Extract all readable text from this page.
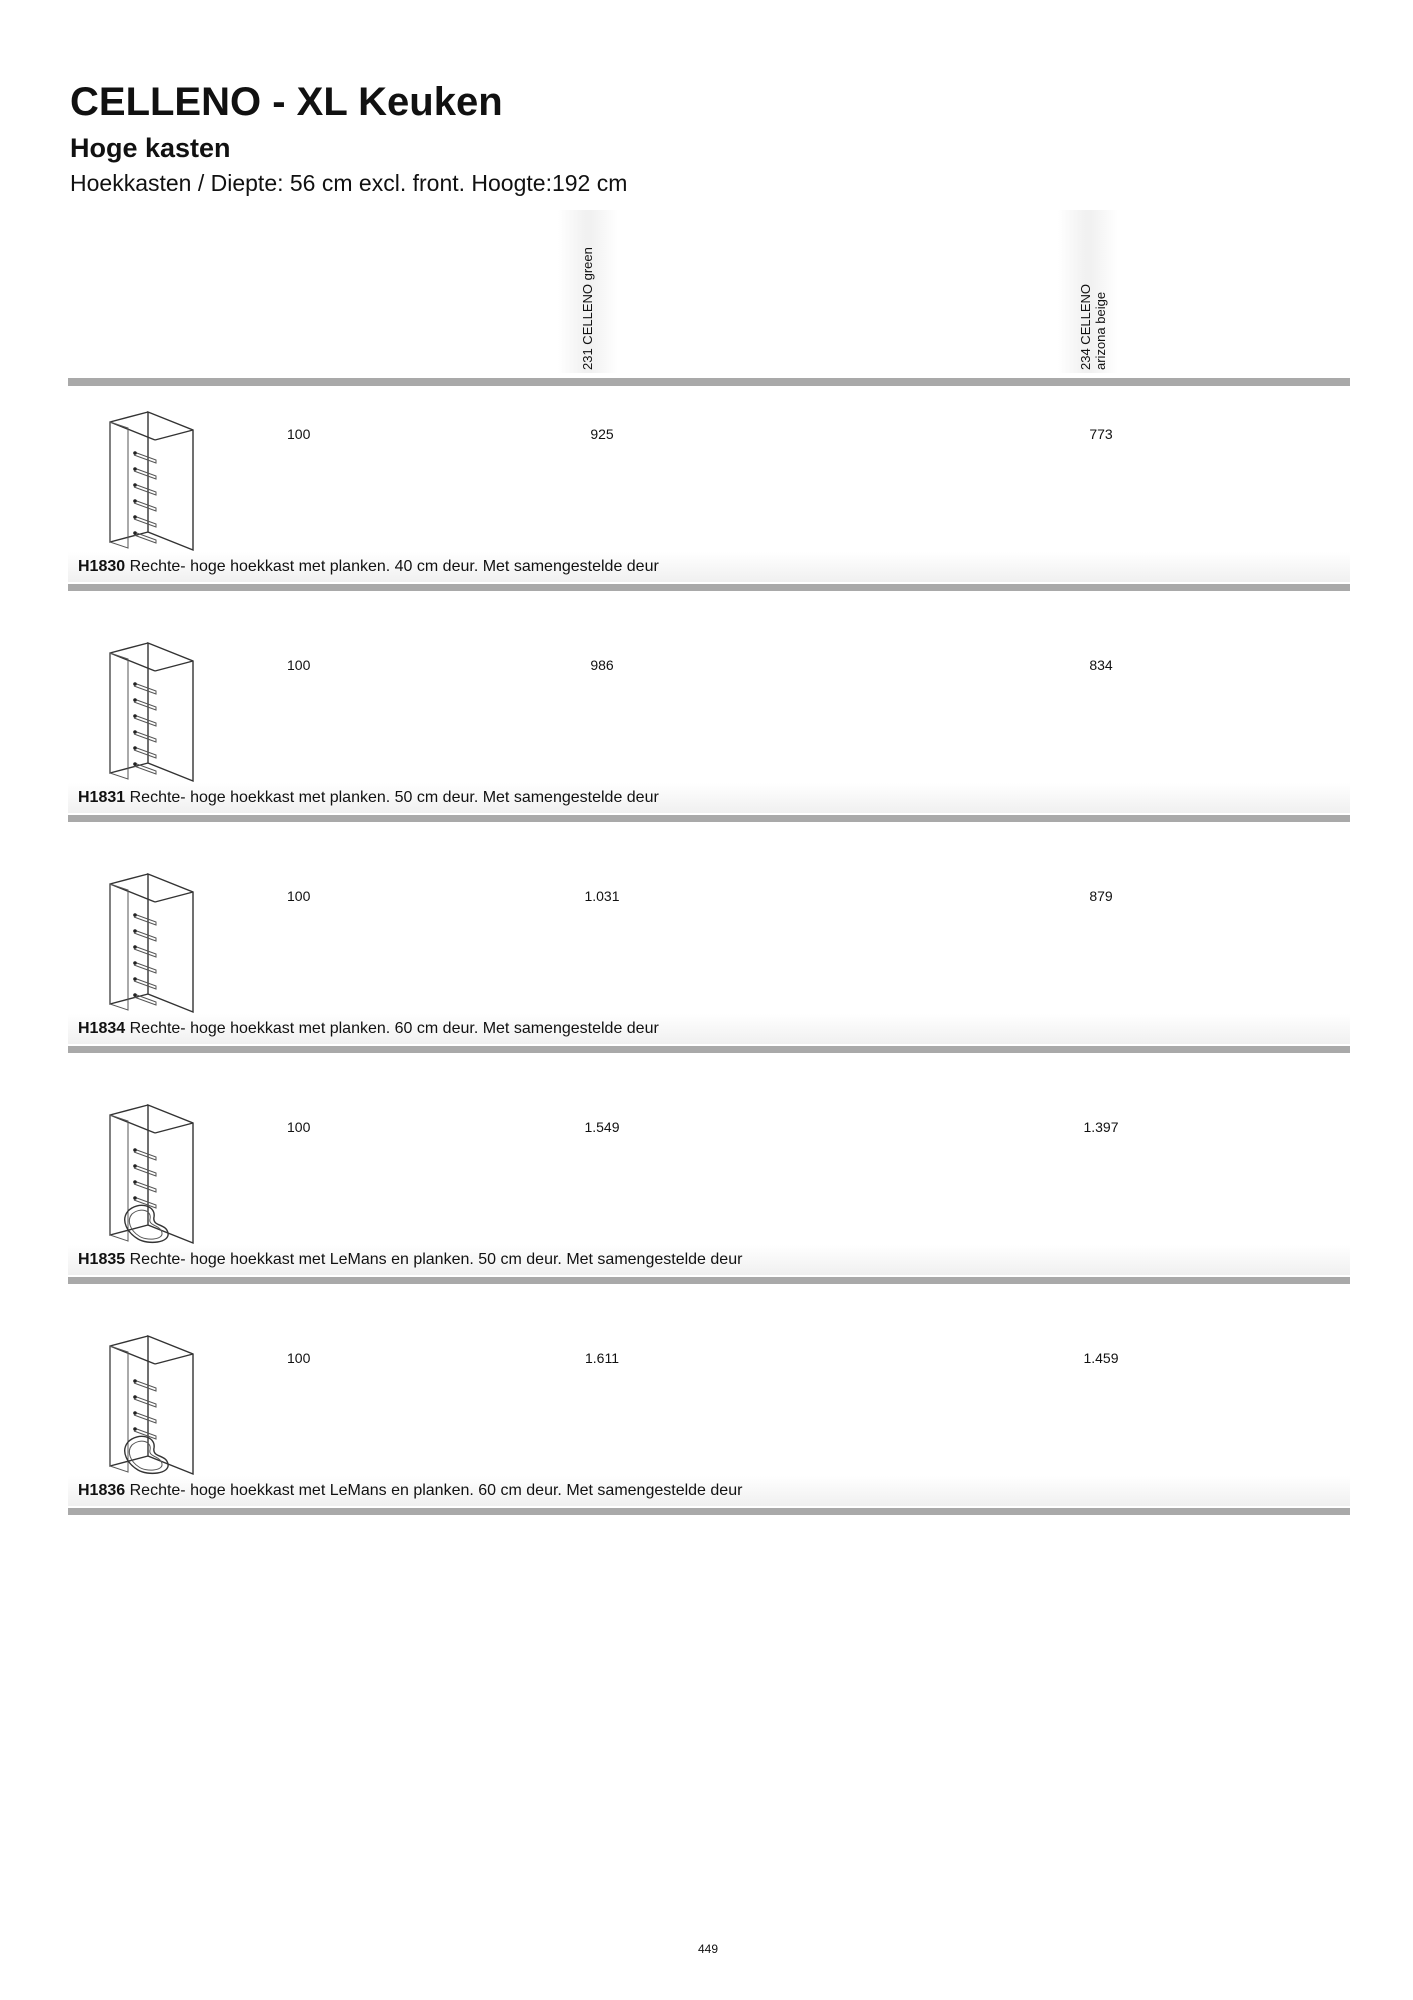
CELLENO - XL Keuken
Hoge kasten
Hoekkasten / Diepte: 56 cm excl. front. Hoogte:192 cm
231 CELLENO green	234 CELLENO arizona beige
100	925	773
H1830 Rechte- hoge hoekkast met planken. 40 cm deur. Met samengestelde deur
100	986	834
H1831 Rechte- hoge hoekkast met planken. 50 cm deur. Met samengestelde deur
100	1.031	879
H1834 Rechte- hoge hoekkast met planken. 60 cm deur. Met samengestelde deur
100	1.549	1.397
H1835 Rechte- hoge hoekkast met LeMans en planken. 50 cm deur. Met samengestelde deur
100	1.611	1.459
H1836 Rechte- hoge hoekkast met LeMans en planken. 60 cm deur. Met samengestelde deur
449
